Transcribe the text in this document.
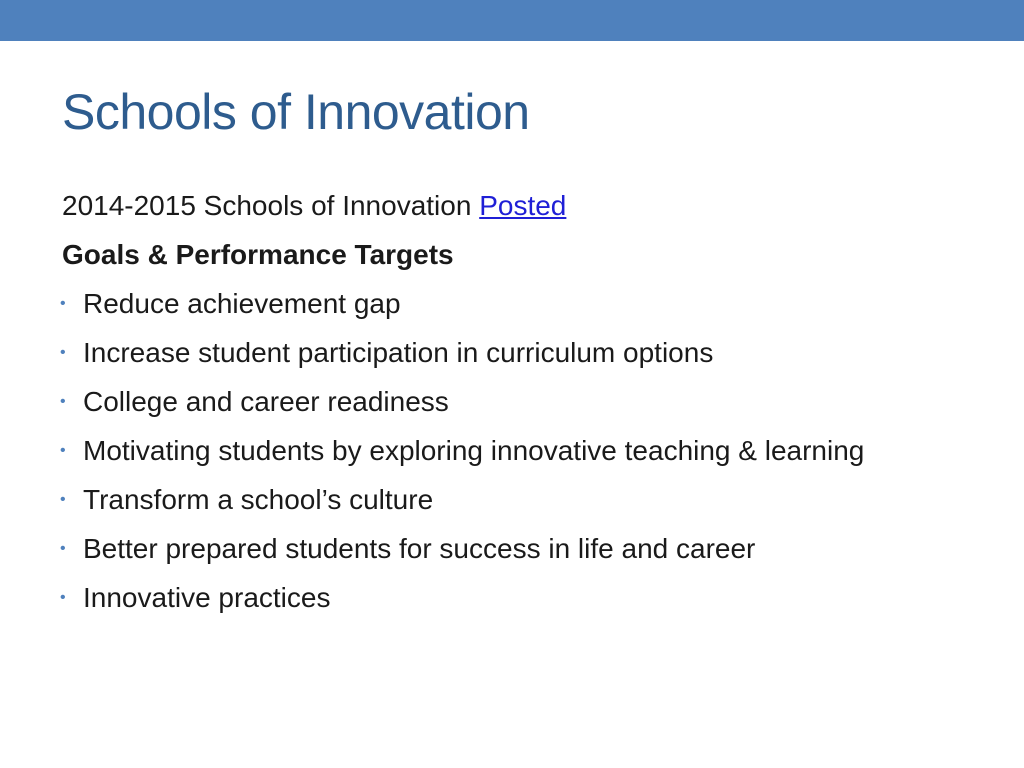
Schools of Innovation

2014-2015 Schools of Innovation Posted

Goals & Performance Targets

• Reduce achievement gap
• Increase student participation in curriculum options
• College and career readiness
• Motivating students by exploring innovative teaching & learning
• Transform a school’s culture
• Better prepared students for success in life and career
• Innovative practices
